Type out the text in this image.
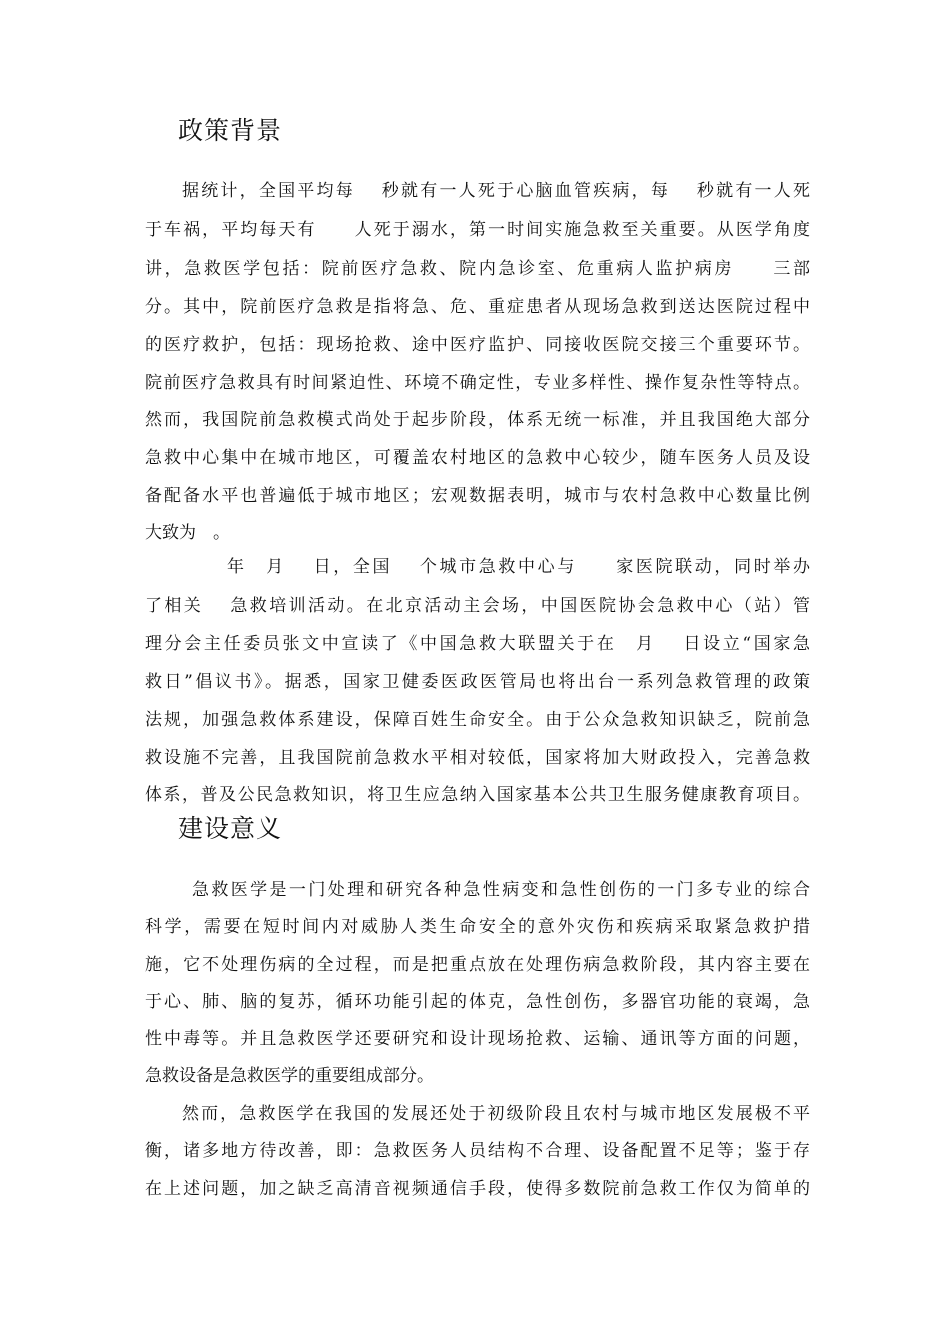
政策背景
据统计，全国平均每　 秒就有一人死于心脑血管疾病，每　 秒就有一人死
于车祸，平均每天有　　人死于溺水，第一时间实施急救至关重要。从医学角度
讲，急救医学包括：院前医疗急救、院内急诊室、危重病人监护病房　　三部
分。其中，院前医疗急救是指将急、危、重症患者从现场急救到送达医院过程中
的医疗救护，包括：现场抢救、途中医疗监护、同接收医院交接三个重要环节。
院前医疗急救具有时间紧迫性、环境不确定性，专业多样性、操作复杂性等特点。
然而，我国院前急救模式尚处于起步阶段，体系无统一标准，并且我国绝大部分
急救中心集中在城市地区，可覆盖农村地区的急救中心较少，随车医务人员及设
备配备水平也普遍低于城市地区；宏观数据表明，城市与农村急救中心数量比例
大致为　。
年　月　 日，全国　 个城市急救中心与　　家医院联动，同时举办
了相关　 急救培训活动。在北京活动主会场，中国医院协会急救中心（站）管
理分会主任委员张文中宣读了《中国急救大联盟关于在　月　 日设立“国家急
救日”倡议书》。据悉，国家卫健委医政医管局也将出台一系列急救管理的政策
法规，加强急救体系建设，保障百姓生命安全。由于公众急救知识缺乏，院前急
救设施不完善，且我国院前急救水平相对较低，国家将加大财政投入，完善急救
体系，普及公民急救知识，将卫生应急纳入国家基本公共卫生服务健康教育项目。
建设意义
急救医学是一门处理和研究各种急性病变和急性创伤的一门多专业的综合
科学，需要在短时间内对威胁人类生命安全的意外灾伤和疾病采取紧急救护措
施，它不处理伤病的全过程，而是把重点放在处理伤病急救阶段，其内容主要在
于心、肺、脑的复苏，循环功能引起的体克，急性创伤，多器官功能的衰竭，急
性中毒等。并且急救医学还要研究和设计现场抢救、运输、通讯等方面的问题，
急救设备是急救医学的重要组成部分。
然而，急救医学在我国的发展还处于初级阶段且农村与城市地区发展极不平
衡，诸多地方待改善，即：急救医务人员结构不合理、设备配置不足等；鉴于存
在上述问题，加之缺乏高清音视频通信手段，使得多数院前急救工作仅为简单的
